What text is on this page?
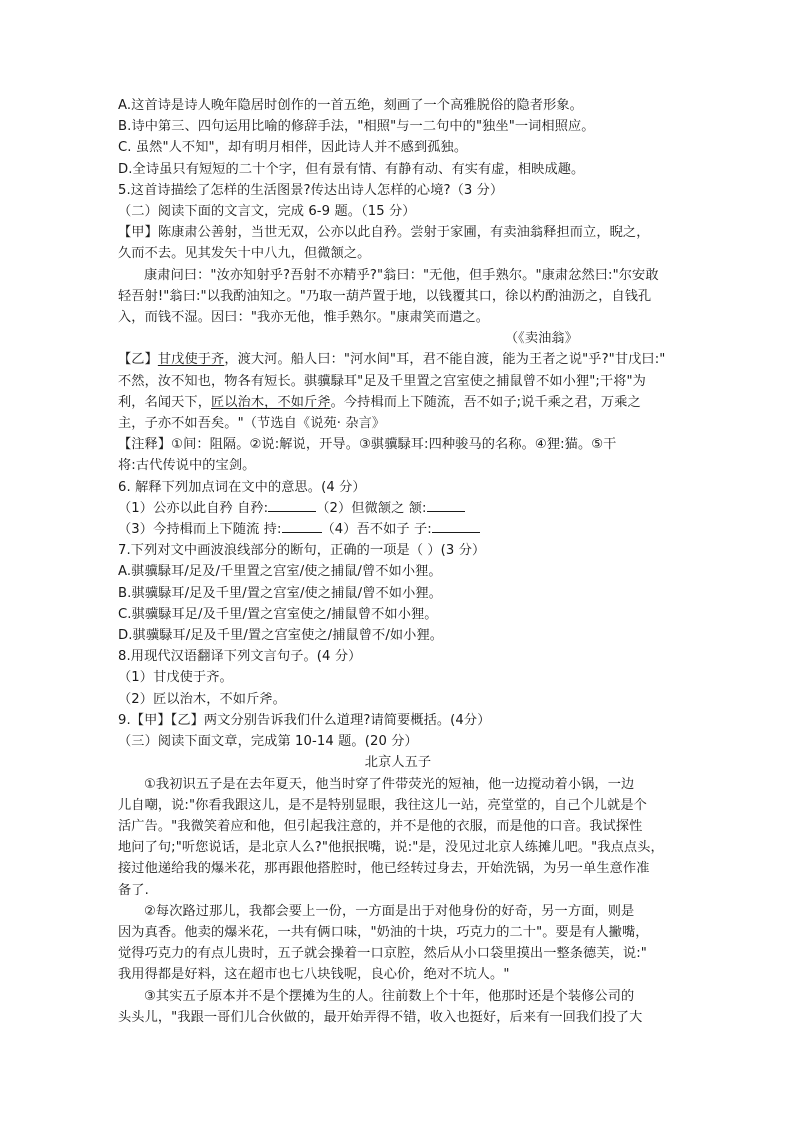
A.这首诗是诗人晚年隐居时创作的一首五绝，刻画了一个高雅脱俗的隐者形象。
B.诗中第三、四句运用比喻的修辞手法，"相照"与一二句中的"独坐"一词相照应。
C. 虽然"人不知"，却有明月相伴，因此诗人并不感到孤独。
D.全诗虽只有短短的二十个字，但有景有情、有静有动、有实有虚，相映成趣。
5.这首诗描绘了怎样的生活图景?传达出诗人怎样的心境?（3 分）
（二）阅读下面的文言文，完成 6-9 题。（15 分）
【甲】陈康肃公善射，当世无双，公亦以此自矜。尝射于家圃，有卖油翁释担而立，睨之，
久而不去。见其发矢十中八九，但微颔之。
康肃问曰："汝亦知射乎?吾射不亦精乎?"翁曰："无他，但手熟尔。"康肃忿然曰:"尔安敢
轻吾射!"翁曰:"以我酌油知之。"乃取一葫芦置于地，以钱覆其口，徐以杓酌油沥之，自钱孔
入，而钱不湿。因曰："我亦无他，惟手熟尔。"康肃笑而遣之。
（《卖油翁》
【乙】甘戊使于齐，渡大河。船人曰："河水间"耳，君不能自渡，能为王者之说"乎?"甘戊曰:"
不然，汝不知也，物各有短长。骐骥騄耳"足及千里置之宫室使之捕鼠曾不如小狸";干将"为
利，名闻天下，匠以治木，不如斤斧。今持楫而上下随流，吾不如子;说千乘之君，万乘之
主，子亦不如吾矣。"（节选自《说苑· 杂言》
【注释】①间：阻隔。②说:解说，开导。③骐骥騄耳:四种骏马的名称。④狸:猫。⑤干
将:古代传说中的宝剑。
6. 解释下列加点词在文中的意思。(4 分）
（1）公亦以此自矜 自矜:	（2）但微颔之 颔:
（3）今持楫而上下随流 持:	（4）吾不如子 子:
7.下列对文中画波浪线部分的断句，正确的一项是（ ）(3 分）
A.骐骥騄耳/足及/千里置之宫室/使之捕鼠/曾不如小狸。
B.骐骥騄耳/足及千里/置之宫室/使之捕鼠/曾不如小狸。
C.骐骥騄耳足/及千里/置之宫室使之/捕鼠曾不如小狸。
D.骐骥騄耳/足及千里/置之宫室使之/捕鼠曾不/如小狸。
8.用现代汉语翻译下列文言句子。(4 分）
（1）甘戊使于齐。
（2）匠以治木，不如斤斧。
9.【甲】【乙】两文分别告诉我们什么道理?请简要概括。(4分）
（三）阅读下面文章，完成第 10-14 题。(20 分）
北京人五子
①我初识五子是在去年夏天，他当时穿了件带荧光的短袖，他一边搅动着小锅，一边
儿自嘲，说:"你看我跟这儿，是不是特别显眼，我往这儿一站，亮堂堂的，自己个儿就是个
活广告。"我微笑着应和他，但引起我注意的，并不是他的衣服，而是他的口音。我试探性
地问了句;"听您说话，是北京人么?"他抿抿嘴，说:"是，没见过北京人练摊儿吧。"我点点头，
接过他递给我的爆米花，那再跟他搭腔时，他已经转过身去，开始洗锅，为另一单生意作准
备了.
②每次路过那儿，我都会要上一份，一方面是出于对他身份的好奇，另一方面，则是
因为真香。他卖的爆米花，一共有俩口味，"奶油的十块，巧克力的二十"。要是有人撇嘴，
觉得巧克力的有点儿贵时，五子就会操着一口京腔，然后从小口袋里摸出一整条德芙，说:"
我用得都是好料，这在超市也七八块钱呢，良心价，绝对不坑人。"
③其实五子原本并不是个摆摊为生的人。往前数上个十年，他那时还是个装修公司的
头头儿，"我跟一哥们儿合伙做的，最开始弄得不错，收入也挺好，后来有一回我们投了大
